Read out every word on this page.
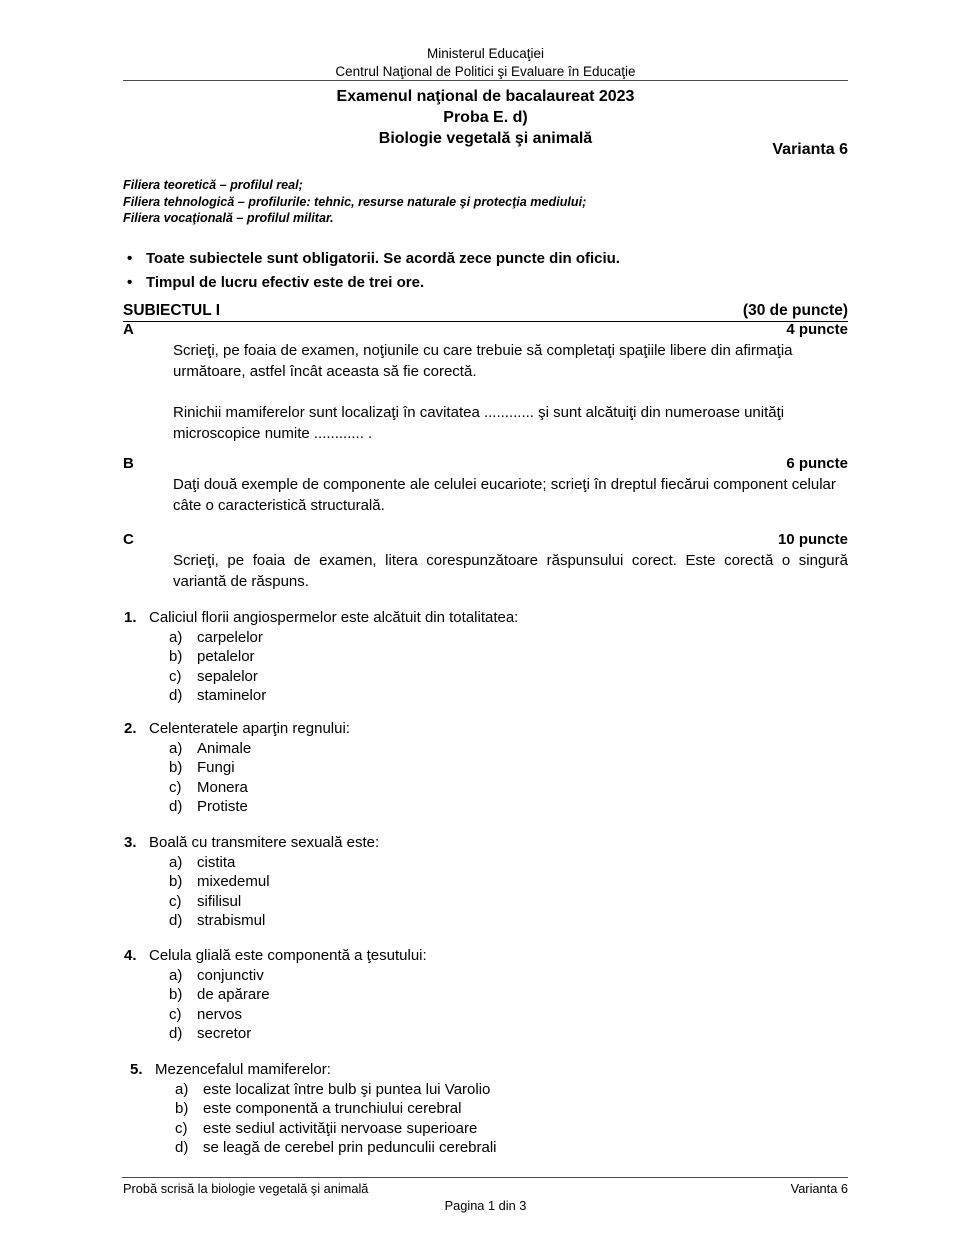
Ministerul Educaţiei
Centrul Naţional de Politici şi Evaluare în Educaţie
Examenul naţional de bacalaureat 2023
Proba E. d)
Biologie vegetală şi animală
Varianta 6
Filiera teoretică – profilul real;
Filiera tehnologică – profilurile: tehnic, resurse naturale şi protecţia mediului;
Filiera vocaţională – profilul militar.
• Toate subiectele sunt obligatorii. Se acordă zece puncte din oficiu.
• Timpul de lucru efectiv este de trei ore.
SUBIECTUL I	(30 de puncte)
A	4 puncte
Scrieţi, pe foaia de examen, noţiunile cu care trebuie să completaţi spaţiile libere din afirmaţia următoare, astfel încât aceasta să fie corectă.
Rinichii mamiferelor sunt localizaţi în cavitatea ............ şi sunt alcătuiţi din numeroase unităţi microscopice numite ............ .
B	6 puncte
Daţi două exemple de componente ale celulei eucariote; scrieţi în dreptul fiecărui component celular câte o caracteristică structurală.
C	10 puncte
Scrieţi, pe foaia de examen, litera corespunzătoare răspunsului corect. Este corectă o singură variantă de răspuns.
1. Caliciul florii angiospermelor este alcătuit din totalitatea:
a) carpelelor
b) petalelor
c) sepalelor
d) staminelor
2. Celenteratele aparţin regnului:
a) Animale
b) Fungi
c) Monera
d) Protiste
3. Boală cu transmitere sexuală este:
a) cistita
b) mixedemul
c) sifilisul
d) strabismul
4. Celula glială este componentă a ţesutului:
a) conjunctiv
b) de apărare
c) nervos
d) secretor
5. Mezencefalul mamiferelor:
a) este localizat între bulb şi puntea lui Varolio
b) este componentă a trunchiului cerebral
c) este sediul activităţii nervoase superioare
d) se leagă de cerebel prin pedunculii cerebrali
Probă scrisă la biologie vegetală şi animală	Varianta 6
Pagina 1 din 3
